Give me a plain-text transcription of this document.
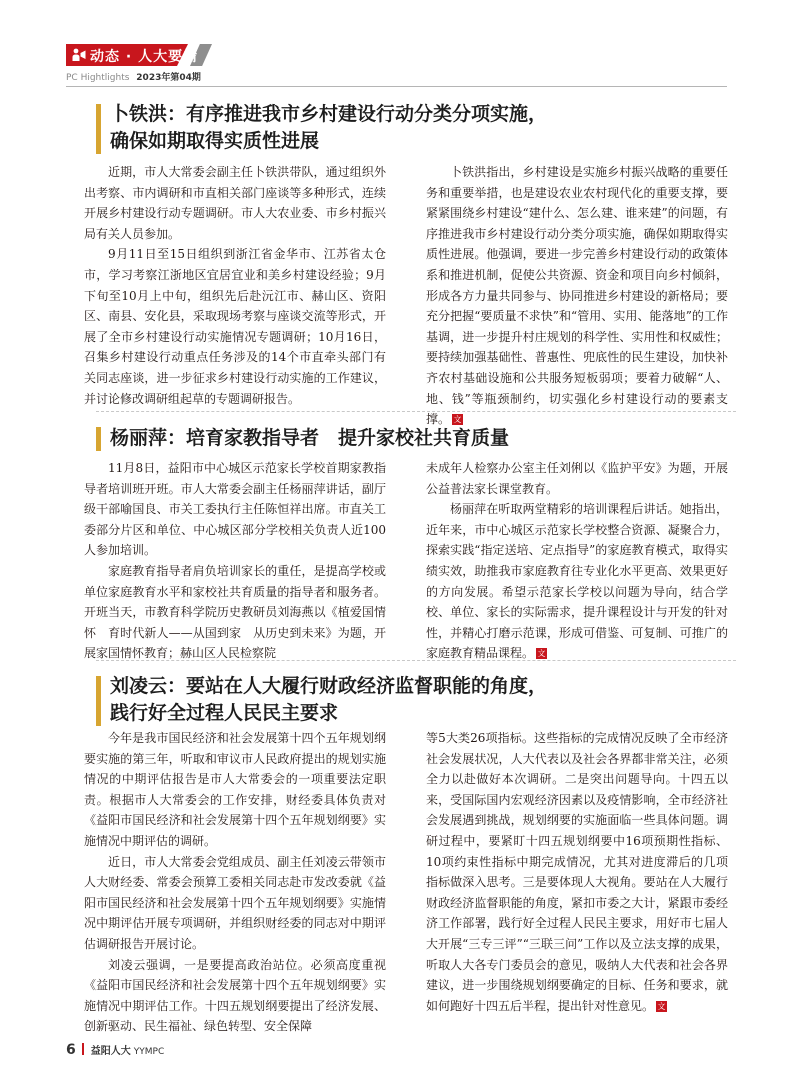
动态 · 人大要情
PC Hightlights 2023年第04期
卜铁洪：有序推进我市乡村建设行动分类分项实施，
确保如期取得实质性进展

近期，市人大常委会副主任卜铁洪带队，通过组织外出考察、市内调研和市直相关部门座谈等多种形式，连续开展乡村建设行动专题调研。市人大农业委、市乡村振兴局有关人员参加。

9月11日至15日组织到浙江省金华市、江苏省太仓市，学习考察江浙地区宜居宜业和美乡村建设经验；9月下旬至10月上中旬，组织先后赴沅江市、赫山区、资阳区、南县、安化县，采取现场考察与座谈交流等形式，开展了全市乡村建设行动实施情况专题调研；10月16日，召集乡村建设行动重点任务涉及的14个市直牵头部门有关同志座谈，进一步征求乡村建设行动实施的工作建议，并讨论修改调研组起草的专题调研报告。

卜铁洪指出，乡村建设是实施乡村振兴战略的重要任务和重要举措，也是建设农业农村现代化的重要支撑，要紧紧围绕乡村建设“建什么、怎么建、谁来建”的问题，有序推进我市乡村建设行动分类分项实施，确保如期取得实质性进展。他强调，要进一步完善乡村建设行动的政策体系和推进机制，促使公共资源、资金和项目向乡村倾斜，形成各方力量共同参与、协同推进乡村建设的新格局；要充分把握“要质量不求快”和“管用、实用、能落地”的工作基调，进一步提升村庄规划的科学性、实用性和权威性；要持续加强基础性、普惠性、兜底性的民生建设，加快补齐农村基础设施和公共服务短板弱项；要着力破解“人、地、钱”等瓶颈制约，切实强化乡村建设行动的要素支撑。 文

杨丽萍：培育家教指导者　提升家校社共育质量

11月8日，益阳市中心城区示范家长学校首期家教指导者培训班开班。市人大常委会副主任杨丽萍讲话，副厅级干部喻国良、市关工委执行主任陈恒祥出席。市直关工委部分片区和单位、中心城区部分学校相关负责人近100人参加培训。

家庭教育指导者肩负培训家长的重任，是提高学校或单位家庭教育水平和家校社共育质量的指导者和服务者。开班当天，市教育科学院历史教研员刘海燕以《植爱国情怀　育时代新人——从国到家　从历史到未来》为题，开展家国情怀教育；赫山区人民检察院

未成年人检察办公室主任刘俐以《监护平安》为题，开展公益普法家长课堂教育。

杨丽萍在听取两堂精彩的培训课程后讲话。她指出，近年来，市中心城区示范家长学校整合资源、凝聚合力，探索实践“指定送培、定点指导”的家庭教育模式，取得实绩实效，助推我市家庭教育往专业化水平更高、效果更好的方向发展。希望示范家长学校以问题为导向，结合学校、单位、家长的实际需求，提升课程设计与开发的针对性，并精心打磨示范课，形成可借鉴、可复制、可推广的家庭教育精品课程。 文

刘凌云：要站在人大履行财政经济监督职能的角度，
践行好全过程人民民主要求

今年是我市国民经济和社会发展第十四个五年规划纲要实施的第三年，听取和审议市人民政府提出的规划实施情况的中期评估报告是市人大常委会的一项重要法定职责。根据市人大常委会的工作安排，财经委具体负责对《益阳市国民经济和社会发展第十四个五年规划纲要》实施情况中期评估的调研。

近日，市人大常委会党组成员、副主任刘凌云带领市人大财经委、常委会预算工委相关同志赴市发改委就《益阳市国民经济和社会发展第十四个五年规划纲要》实施情况中期评估开展专项调研，并组织财经委的同志对中期评估调研报告开展讨论。

刘凌云强调，一是要提高政治站位。必须高度重视《益阳市国民经济和社会发展第十四个五年规划纲要》实施情况中期评估工作。十四五规划纲要提出了经济发展、创新驱动、民生福祉、绿色转型、安全保障

等5大类26项指标。这些指标的完成情况反映了全市经济社会发展状况，人大代表以及社会各界都非常关注，必须全力以赴做好本次调研。二是突出问题导向。十四五以来，受国际国内宏观经济因素以及疫情影响，全市经济社会发展遇到挑战，规划纲要的实施面临一些具体问题。调研过程中，要紧盯十四五规划纲要中16项预期性指标、10项约束性指标中期完成情况，尤其对进度滞后的几项指标做深入思考。三是要体现人大视角。要站在人大履行财政经济监督职能的角度，紧扣市委之大计，紧跟市委经济工作部署，践行好全过程人民民主要求，用好市七届人大开展“三专三评”“三联三问”工作以及立法支撑的成果，听取人大各专门委员会的意见，吸纳人大代表和社会各界建议，进一步围绕规划纲要确定的目标、任务和要求，就如何跑好十四五后半程，提出针对性意见。 文
6 益阳人大 YYMPC
